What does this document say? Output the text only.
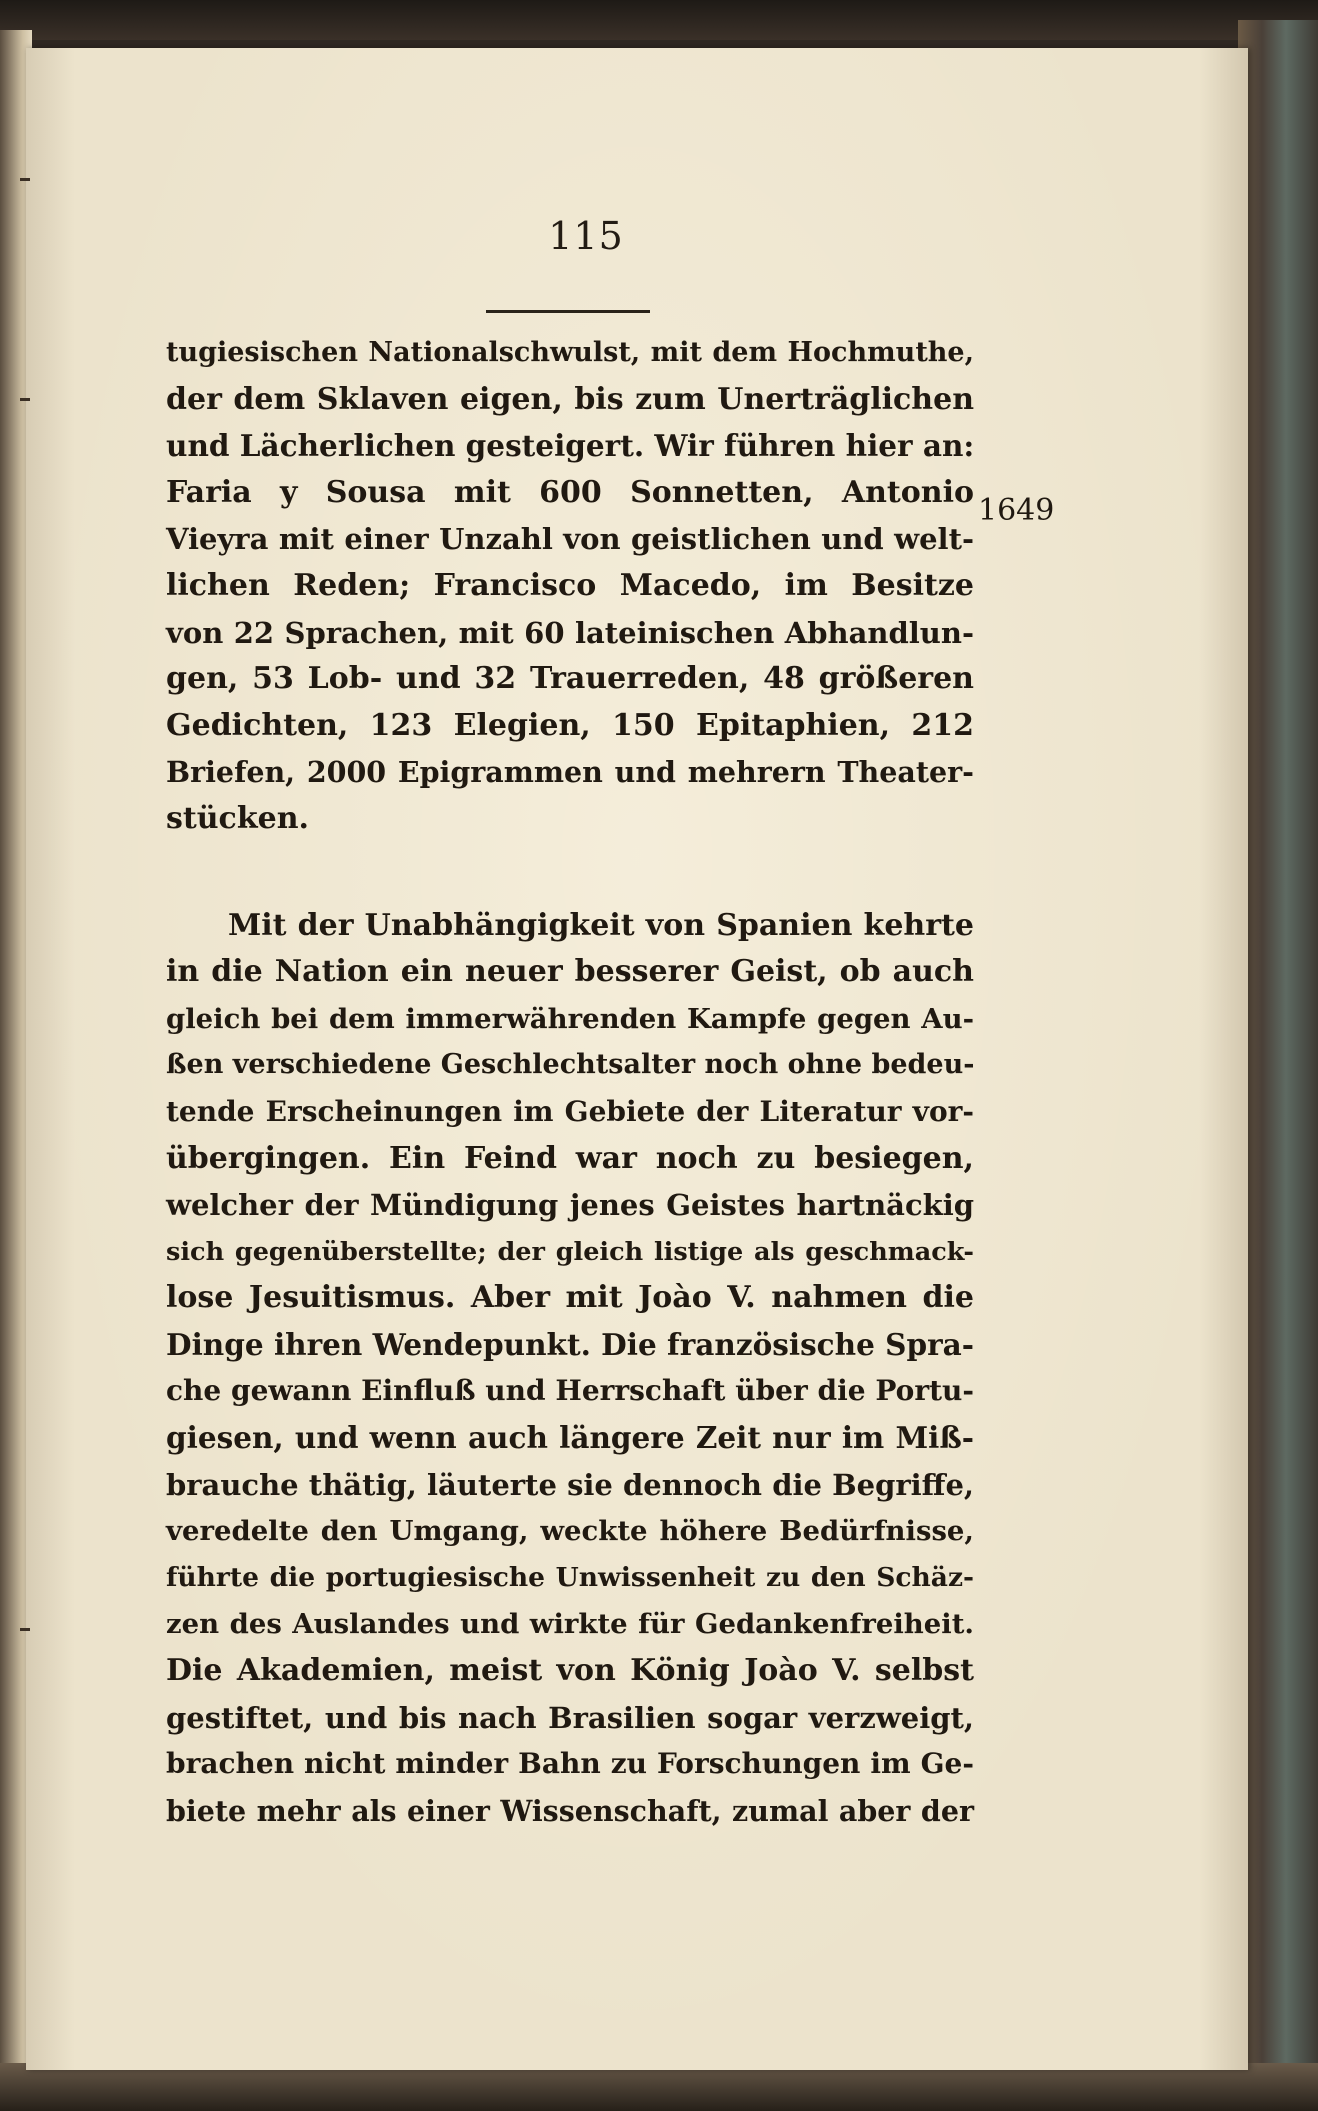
115
tugiesischen Nationalschwulst, mit dem Hochmuthe,
der dem Sklaven eigen, bis zum Unerträglichen
und Lächerlichen gesteigert. Wir führen hier an:
Faria y Sousa mit 600 Sonnetten, Antonio
Vieyra mit einer Unzahl von geistlichen und welt-
lichen Reden; Francisco Macedo, im Besitze
von 22 Sprachen, mit 60 lateinischen Abhandlun-
gen, 53 Lob- und 32 Trauerreden, 48 größeren
Gedichten, 123 Elegien, 150 Epitaphien, 212
Briefen, 2000 Epigrammen und mehrern Theater-
stücken.
Mit der Unabhängigkeit von Spanien kehrte
in die Nation ein neuer besserer Geist, ob auch
gleich bei dem immerwährenden Kampfe gegen Au-
ßen verschiedene Geschlechtsalter noch ohne bedeu-
tende Erscheinungen im Gebiete der Literatur vor-
übergingen. Ein Feind war noch zu besiegen,
welcher der Mündigung jenes Geistes hartnäckig
sich gegenüberstellte; der gleich listige als geschmack-
lose Jesuitismus. Aber mit Joào V. nahmen die
Dinge ihren Wendepunkt. Die französische Spra-
che gewann Einfluß und Herrschaft über die Portu-
giesen, und wenn auch längere Zeit nur im Miß-
brauche thätig, läuterte sie dennoch die Begriffe,
veredelte den Umgang, weckte höhere Bedürfnisse,
führte die portugiesische Unwissenheit zu den Schäz-
zen des Auslandes und wirkte für Gedankenfreiheit.
Die Akademien, meist von König Joào V. selbst
gestiftet, und bis nach Brasilien sogar verzweigt,
brachen nicht minder Bahn zu Forschungen im Ge-
biete mehr als einer Wissenschaft, zumal aber der
1649
